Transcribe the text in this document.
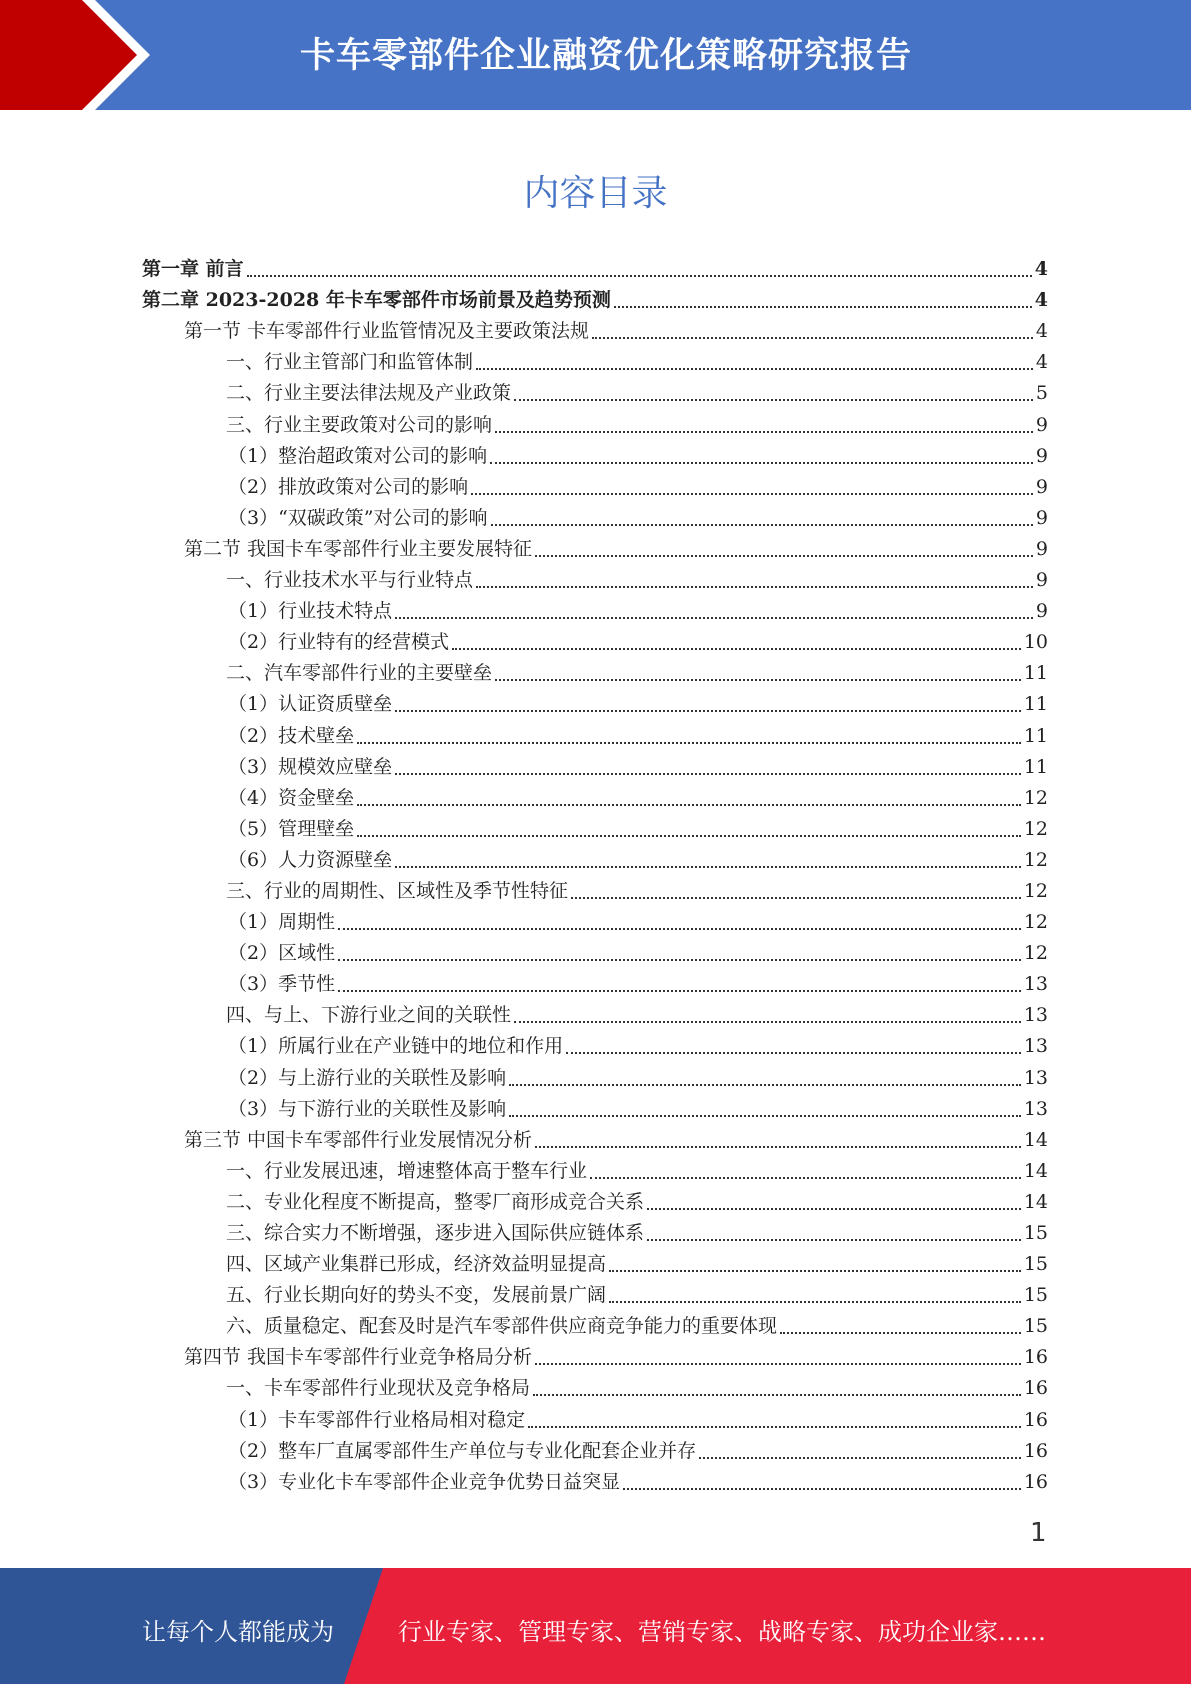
卡车零部件企业融资优化策略研究报告
内容目录
第一章 前言	4
第二章 2023-2028 年卡车零部件市场前景及趋势预测	4
第一节 卡车零部件行业监管情况及主要政策法规	4
一、行业主管部门和监管体制	4
二、行业主要法律法规及产业政策	5
三、行业主要政策对公司的影响	9
（1）整治超政策对公司的影响	9
（2）排放政策对公司的影响	9
（3）“双碳政策”对公司的影响	9
第二节 我国卡车零部件行业主要发展特征	9
一、行业技术水平与行业特点	9
（1）行业技术特点	9
（2）行业特有的经营模式	10
二、汽车零部件行业的主要壁垒	11
（1）认证资质壁垒	11
（2）技术壁垒	11
（3）规模效应壁垒	11
（4）资金壁垒	12
（5）管理壁垒	12
（6）人力资源壁垒	12
三、行业的周期性、区域性及季节性特征	12
（1）周期性	12
（2）区域性	12
（3）季节性	13
四、与上、下游行业之间的关联性	13
（1）所属行业在产业链中的地位和作用	13
（2）与上游行业的关联性及影响	13
（3）与下游行业的关联性及影响	13
第三节 中国卡车零部件行业发展情况分析	14
一、行业发展迅速，增速整体高于整车行业	14
二、专业化程度不断提高，整零厂商形成竞合关系	14
三、综合实力不断增强，逐步进入国际供应链体系	15
四、区域产业集群已形成，经济效益明显提高	15
五、行业长期向好的势头不变，发展前景广阔	15
六、质量稳定、配套及时是汽车零部件供应商竞争能力的重要体现	15
第四节 我国卡车零部件行业竞争格局分析	16
一、卡车零部件行业现状及竞争格局	16
（1）卡车零部件行业格局相对稳定	16
（2）整车厂直属零部件生产单位与专业化配套企业并存	16
（3）专业化卡车零部件企业竞争优势日益突显	16
1
让每个人都能成为	行业专家、管理专家、营销专家、战略专家、成功企业家……
